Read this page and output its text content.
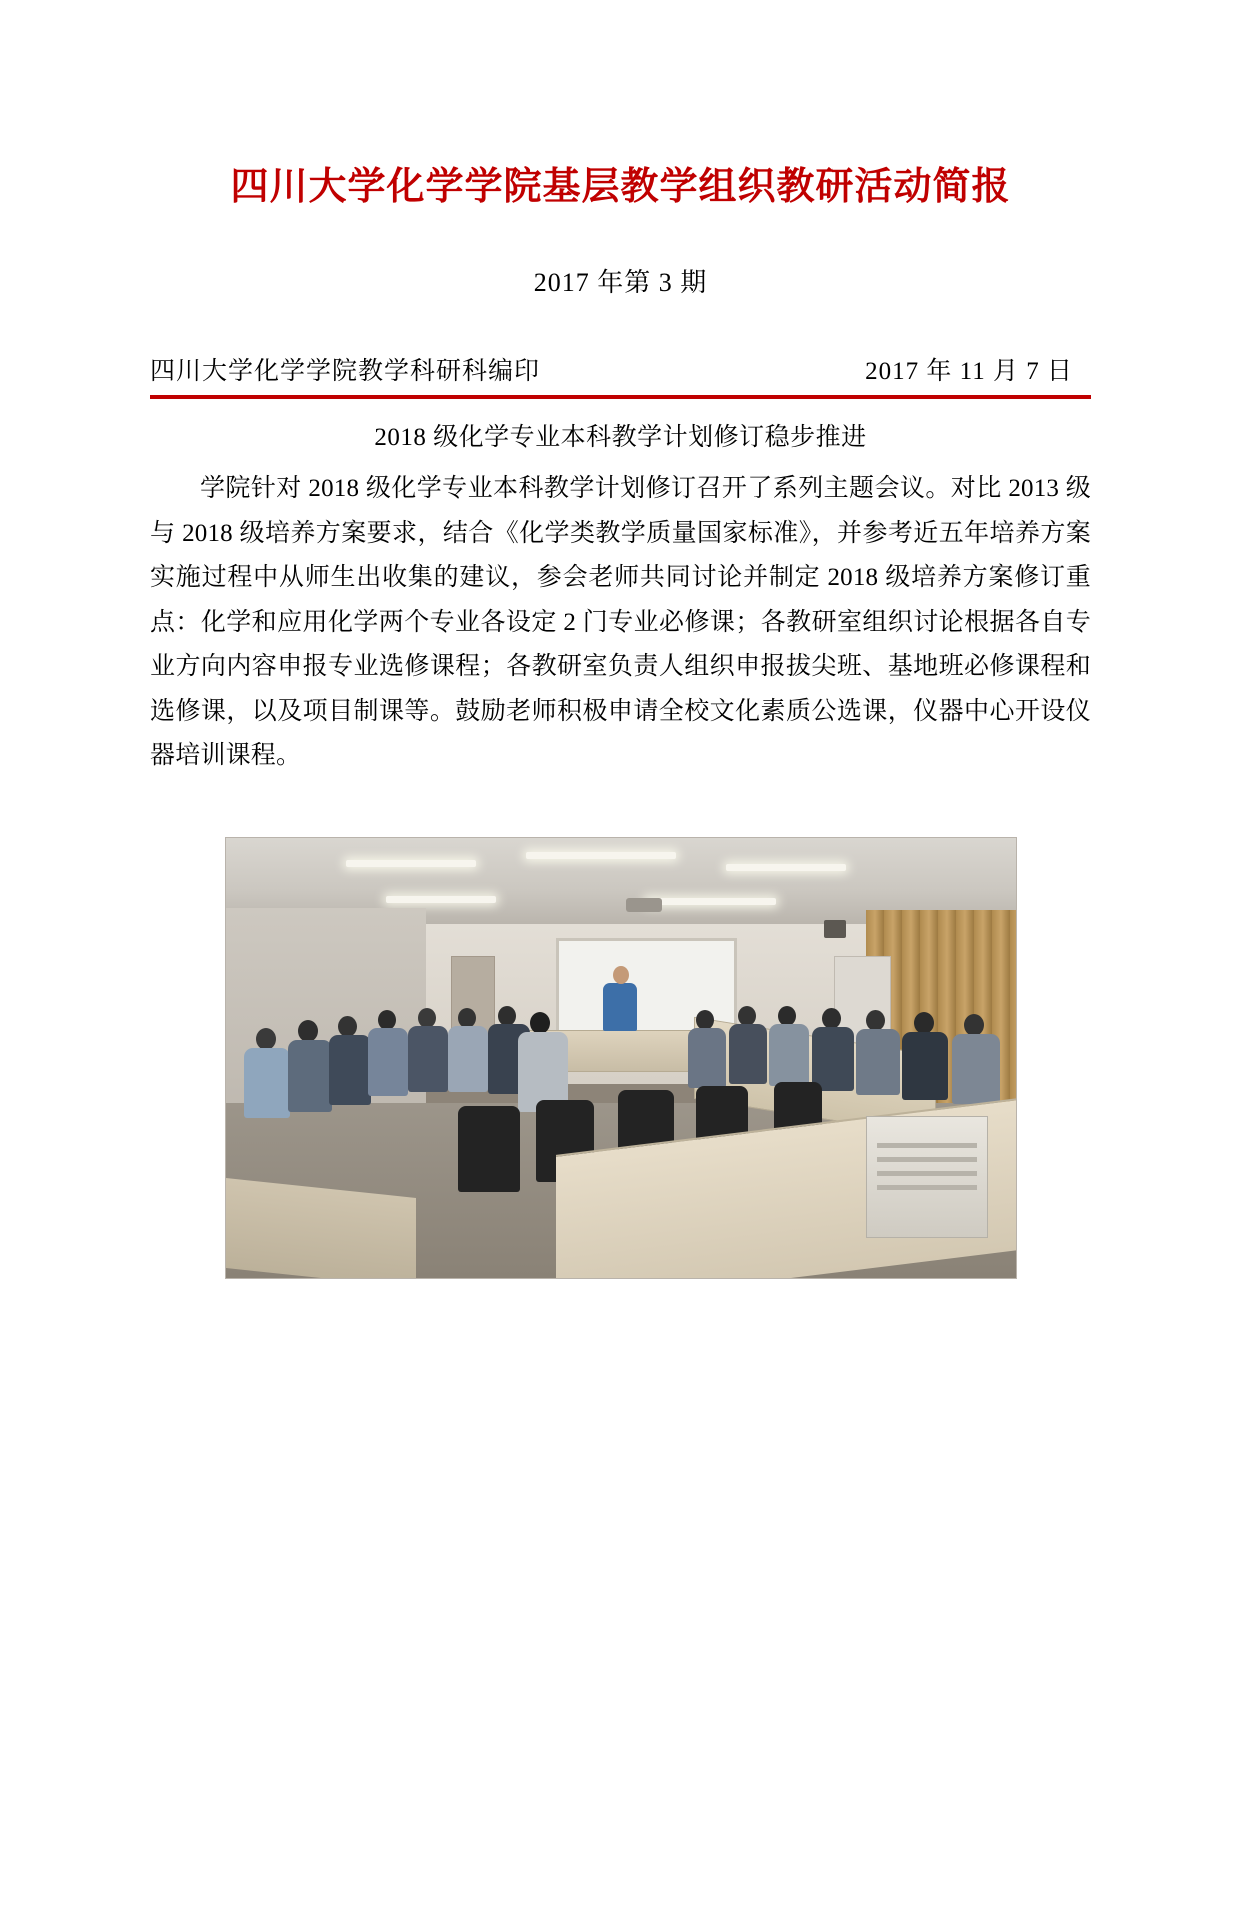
四川大学化学学院基层教学组织教研活动简报
2017 年第 3 期
四川大学化学学院教学科研科编印	2017 年 11 月 7 日
2018 级化学专业本科教学计划修订稳步推进
学院针对 2018 级化学专业本科教学计划修订召开了系列主题会议。对比 2013 级与 2018 级培养方案要求，结合《化学类教学质量国家标准》，并参考近五年培养方案实施过程中从师生出收集的建议，参会老师共同讨论并制定 2018 级培养方案修订重点：化学和应用化学两个专业各设定 2 门专业必修课；各教研室组织讨论根据各自专业方向内容申报专业选修课程；各教研室负责人组织申报拔尖班、基地班必修课程和选修课，以及项目制课等。鼓励老师积极申请全校文化素质公选课，仪器中心开设仪器培训课程。
